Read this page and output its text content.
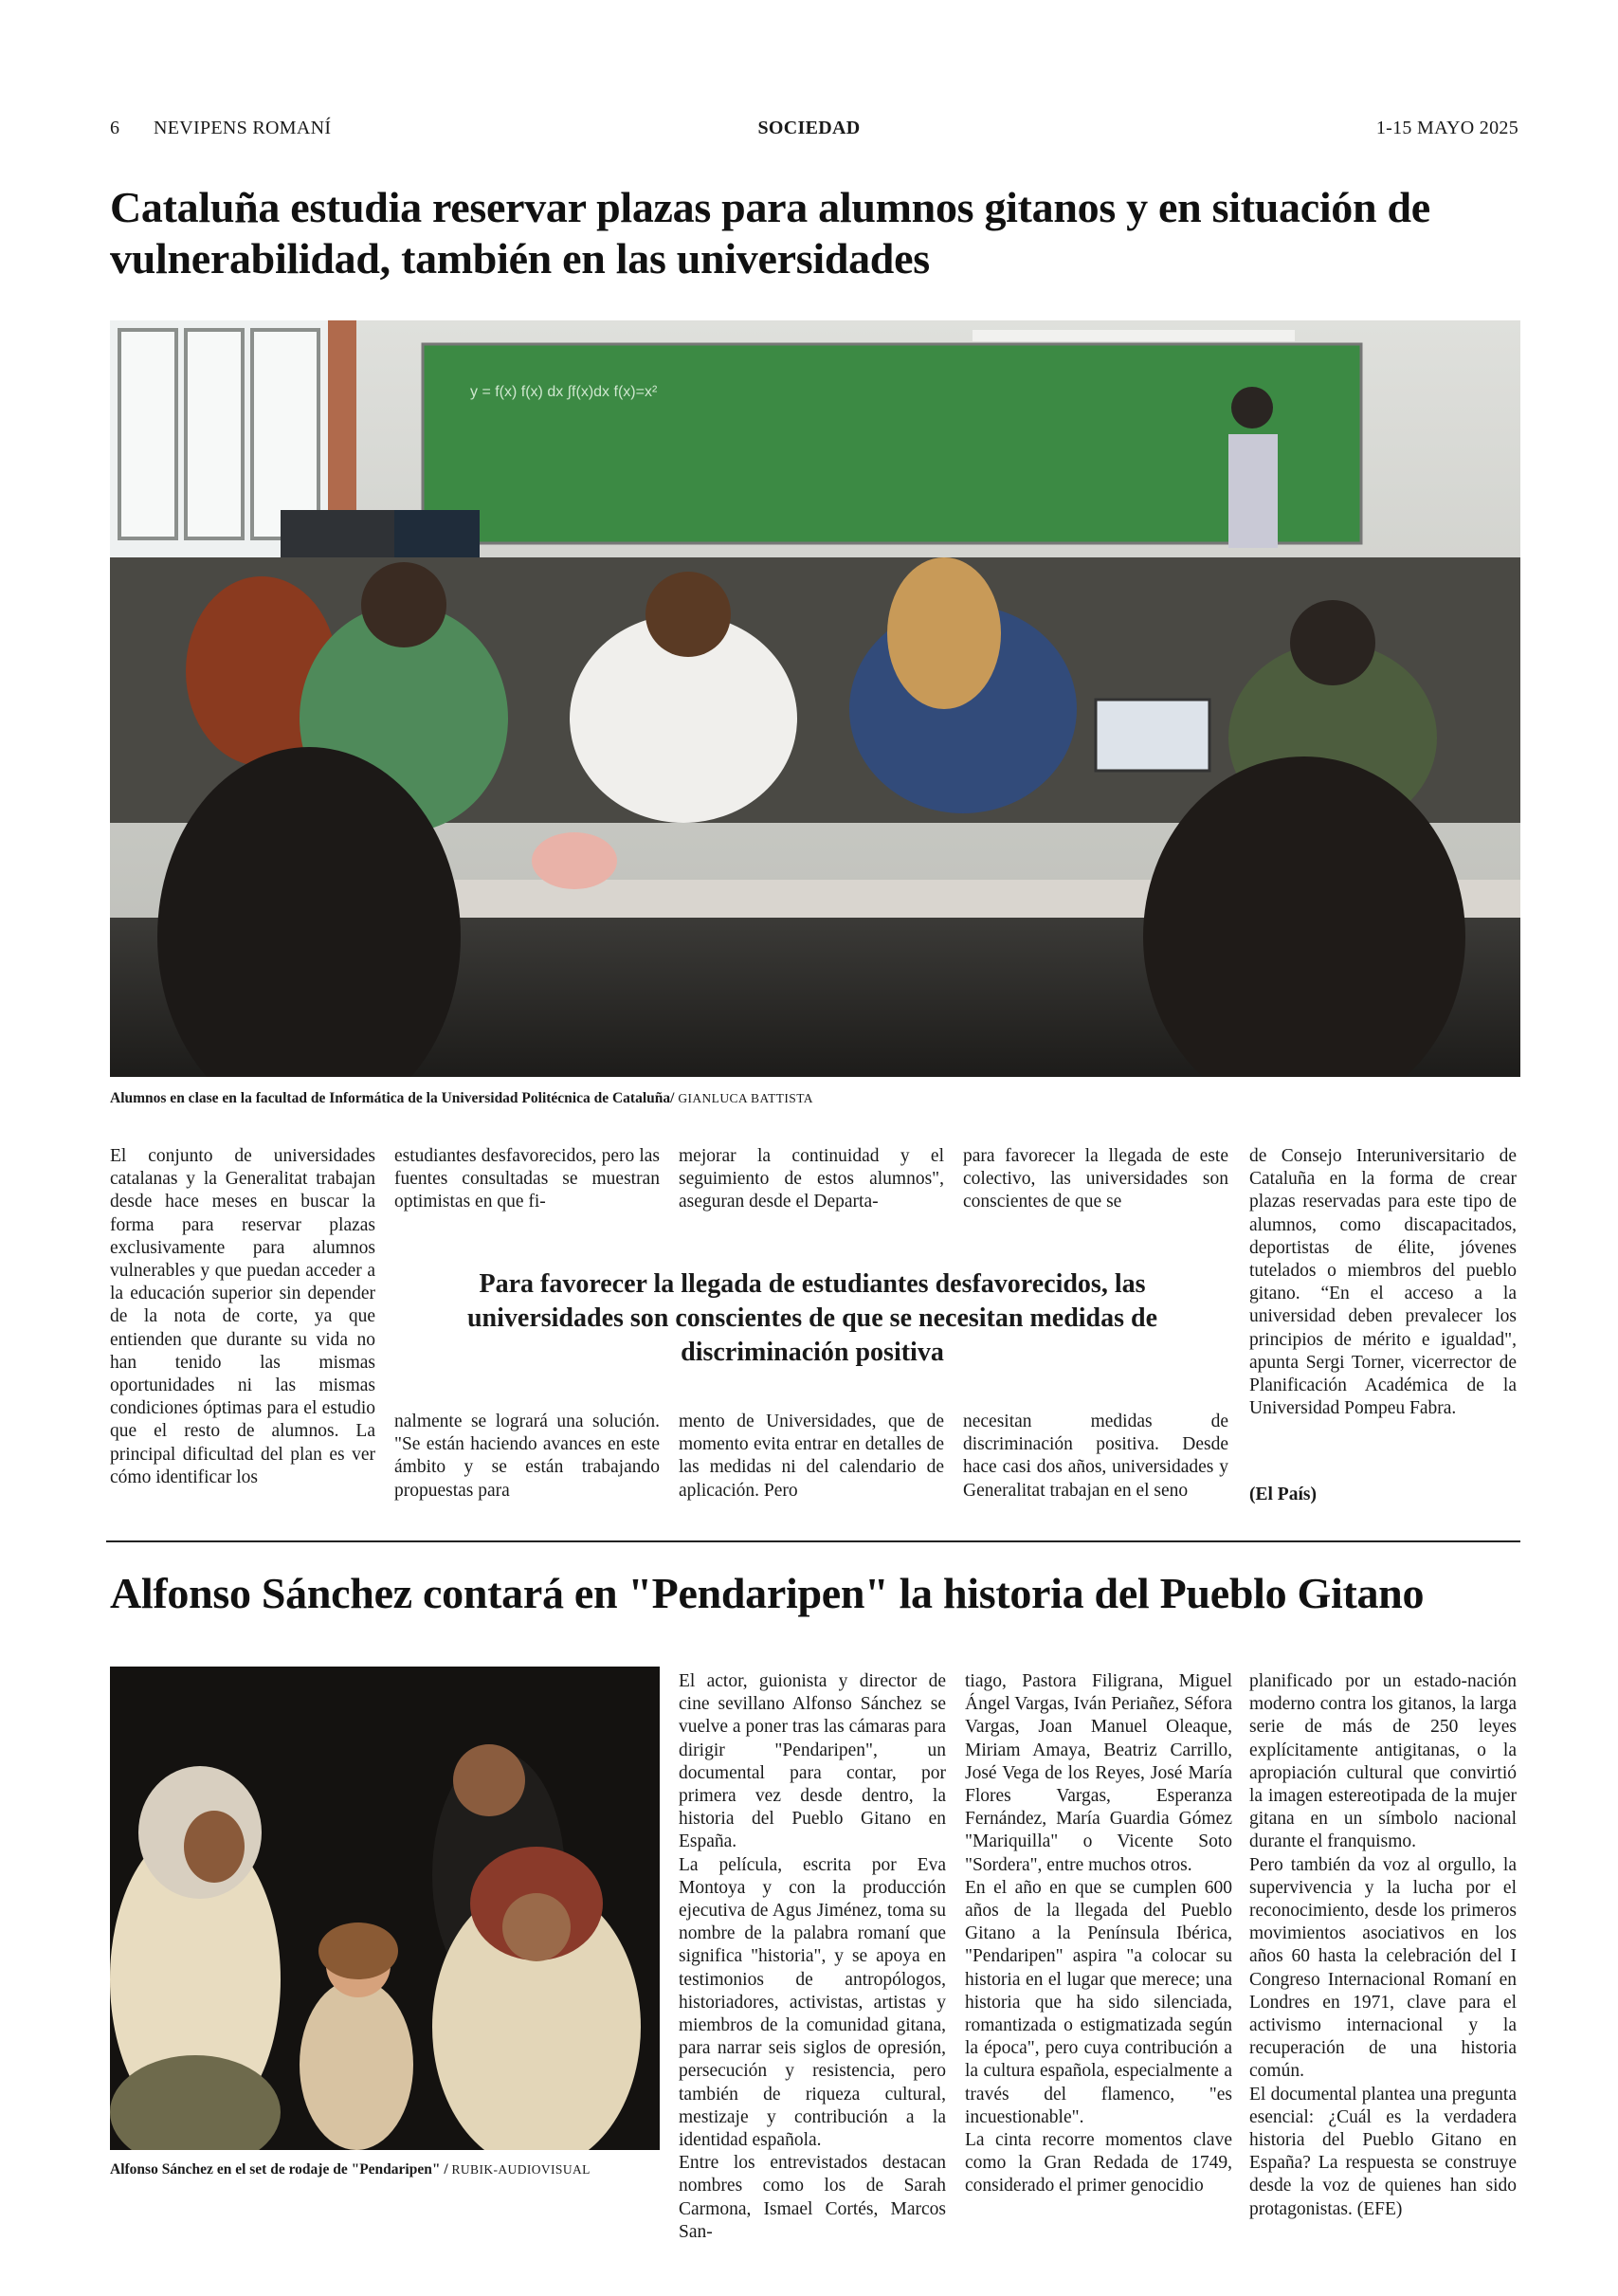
6 NEVIPENS ROMANÍ	SOCIEDAD	1-15 MAYO 2025
Cataluña estudia reservar plazas para alumnos gitanos y en situación de vulnerabilidad, también en las universidades
y = f(x) f(x) dx ∫f(x)dx f(x)=x²
Alumnos en clase en la facultad de Informática de la Universidad Politécnica de Cataluña/ GIANLUCA BATTISTA
El conjunto de universidades catalanas y la Generalitat trabajan desde hace meses en buscar la forma para reservar plazas exclusivamente para alumnos vulnerables y que puedan acceder a la educación superior sin depender de la nota de corte, ya que entienden que durante su vida no han tenido las mismas oportunidades ni las mismas condiciones óptimas para el estudio que el resto de alumnos. La principal dificultad del plan es ver cómo identificar los
estudiantes desfavorecidos, pero las fuentes consultadas se muestran optimistas en que fi-
mejorar la continuidad y el seguimiento de estos alumnos", aseguran desde el Departa-
para favorecer la llegada de este colectivo, las universidades son conscientes de que se
de Consejo Interuniversitario de Cataluña en la forma de crear plazas reservadas para este tipo de alumnos, como discapacitados, deportistas de élite, jóvenes tutelados o miembros del pueblo gitano. “En el acceso a la universidad deben prevalecer los principios de mérito e igualdad", apunta Sergi Torner, vicerrector de Planificación Académica de la Universidad Pompeu Fabra.
Para favorecer la llegada de estudiantes desfavorecidos, las universidades son conscientes de que se necesitan medidas de discriminación positiva
nalmente se logrará una solución. "Se están haciendo avances en este ámbito y se están trabajando propuestas para
mento de Universidades, que de momento evita entrar en detalles de las medidas ni del calendario de aplicación. Pero
necesitan medidas de discriminación positiva. Desde hace casi dos años, universidades y Generalitat trabajan en el seno	(El País)
Alfonso Sánchez contará en "Pendaripen" la historia del Pueblo Gitano
Alfonso Sánchez en el set de rodaje de "Pendaripen" / RUBIK-AUDIOVISUAL
El actor, guionista y director de cine sevillano Alfonso Sánchez se vuelve a poner tras las cámaras para dirigir "Pendaripen", un documental para contar, por primera vez desde dentro, la historia del Pueblo Gitano en España.
La película, escrita por Eva Montoya y con la producción ejecutiva de Agus Jiménez, toma su nombre de la palabra romaní que significa "historia", y se apoya en testimonios de antropólogos, historiadores, activistas, artistas y miembros de la comunidad gitana, para narrar seis siglos de opresión, persecución y resistencia, pero también de riqueza cultural, mestizaje y contribución a la identidad española.
Entre los entrevistados destacan nombres como los de Sarah Carmona, Ismael Cortés, Marcos San-
tiago, Pastora Filigrana, Miguel Ángel Vargas, Iván Periañez, Séfora Vargas, Joan Manuel Oleaque, Miriam Amaya, Beatriz Carrillo, José Vega de los Reyes, José María Flores Vargas, Esperanza Fernández, María Guardia Gómez "Mariquilla" o Vicente Soto "Sordera", entre muchos otros.
En el año en que se cumplen 600 años de la llegada del Pueblo Gitano a la Península Ibérica, "Pendaripen" aspira "a colocar su historia en el lugar que merece; una historia que ha sido silenciada, romantizada o estigmatizada según la época", pero cuya contribución a la cultura española, especialmente a través del flamenco, "es incuestionable".
La cinta recorre momentos clave como la Gran Redada de 1749, considerado el primer genocidio
planificado por un estado-nación moderno contra los gitanos, la larga serie de más de 250 leyes explícitamente antigitanas, o la apropiación cultural que convirtió la imagen estereotipada de la mujer gitana en un símbolo nacional durante el franquismo.
Pero también da voz al orgullo, la supervivencia y la lucha por el reconocimiento, desde los primeros movimientos asociativos en los años 60 hasta la celebración del I Congreso Internacional Romaní en Londres en 1971, clave para el activismo internacional y la recuperación de una historia común.
El documental plantea una pregunta esencial: ¿Cuál es la verdadera historia del Pueblo Gitano en España? La respuesta se construye desde la voz de quienes han sido protagonistas. (EFE)
